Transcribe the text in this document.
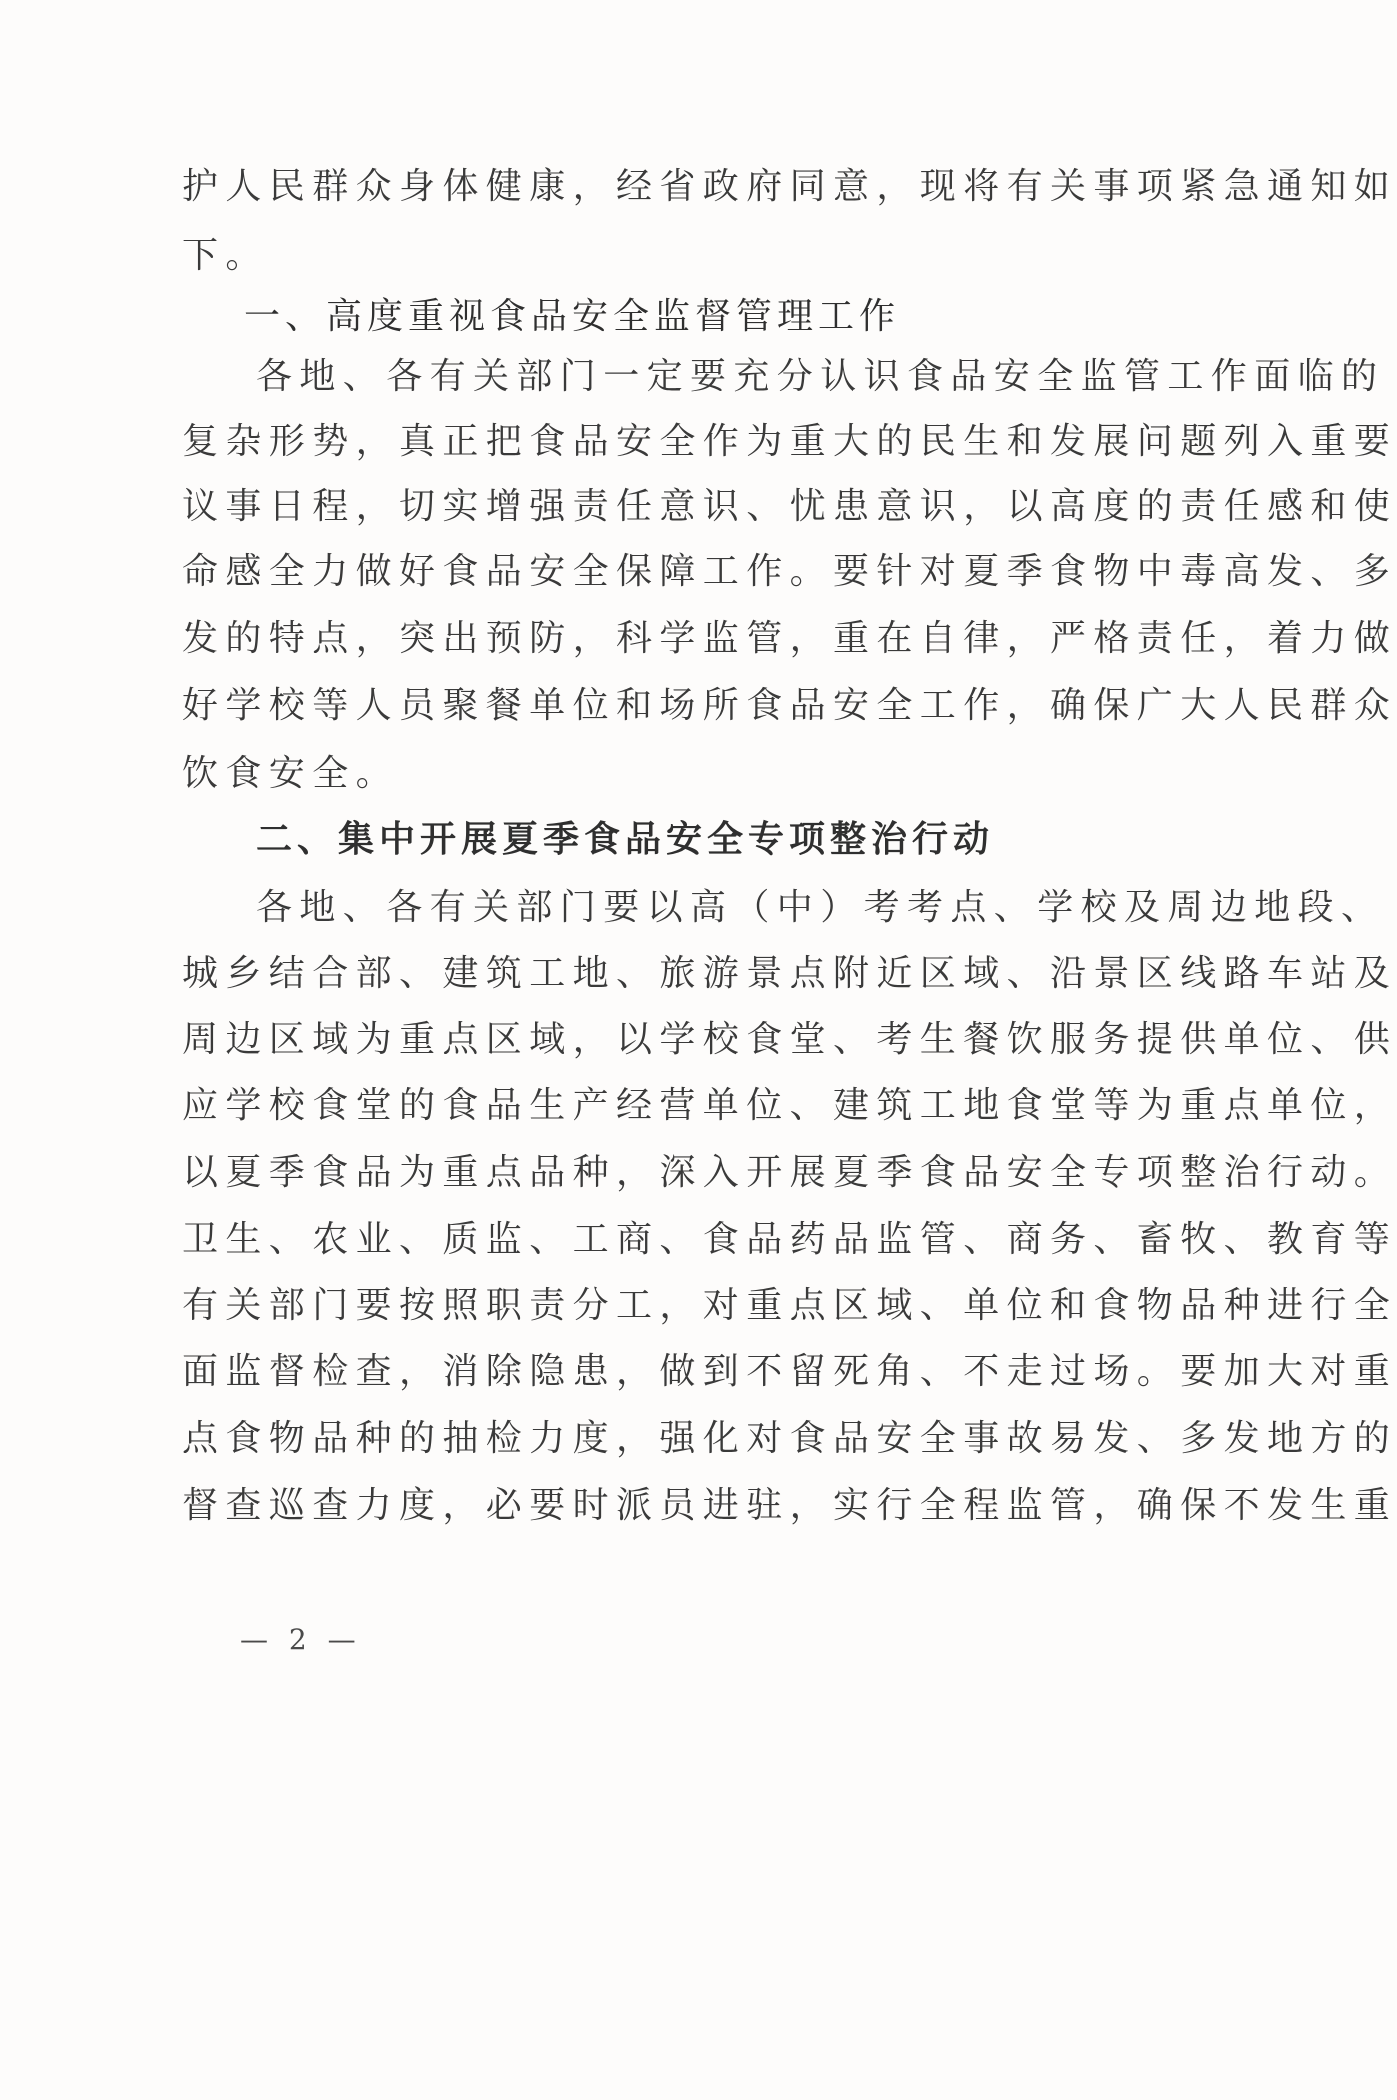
护人民群众身体健康，经省政府同意，现将有关事项紧急通知如
下。
一、高度重视食品安全监督管理工作
各地、各有关部门一定要充分认识食品安全监管工作面临的
复杂形势，真正把食品安全作为重大的民生和发展问题列入重要
议事日程，切实增强责任意识、忧患意识，以高度的责任感和使
命感全力做好食品安全保障工作。要针对夏季食物中毒高发、多
发的特点，突出预防，科学监管，重在自律，严格责任，着力做
好学校等人员聚餐单位和场所食品安全工作，确保广大人民群众
饮食安全。
二、集中开展夏季食品安全专项整治行动
各地、各有关部门要以高（中）考考点、学校及周边地段、
城乡结合部、建筑工地、旅游景点附近区域、沿景区线路车站及
周边区域为重点区域，以学校食堂、考生餐饮服务提供单位、供
应学校食堂的食品生产经营单位、建筑工地食堂等为重点单位，
以夏季食品为重点品种，深入开展夏季食品安全专项整治行动。
卫生、农业、质监、工商、食品药品监管、商务、畜牧、教育等
有关部门要按照职责分工，对重点区域、单位和食物品种进行全
面监督检查，消除隐患，做到不留死角、不走过场。要加大对重
点食物品种的抽检力度，强化对食品安全事故易发、多发地方的
督查巡查力度，必要时派员进驻，实行全程监管，确保不发生重
— 2 —
